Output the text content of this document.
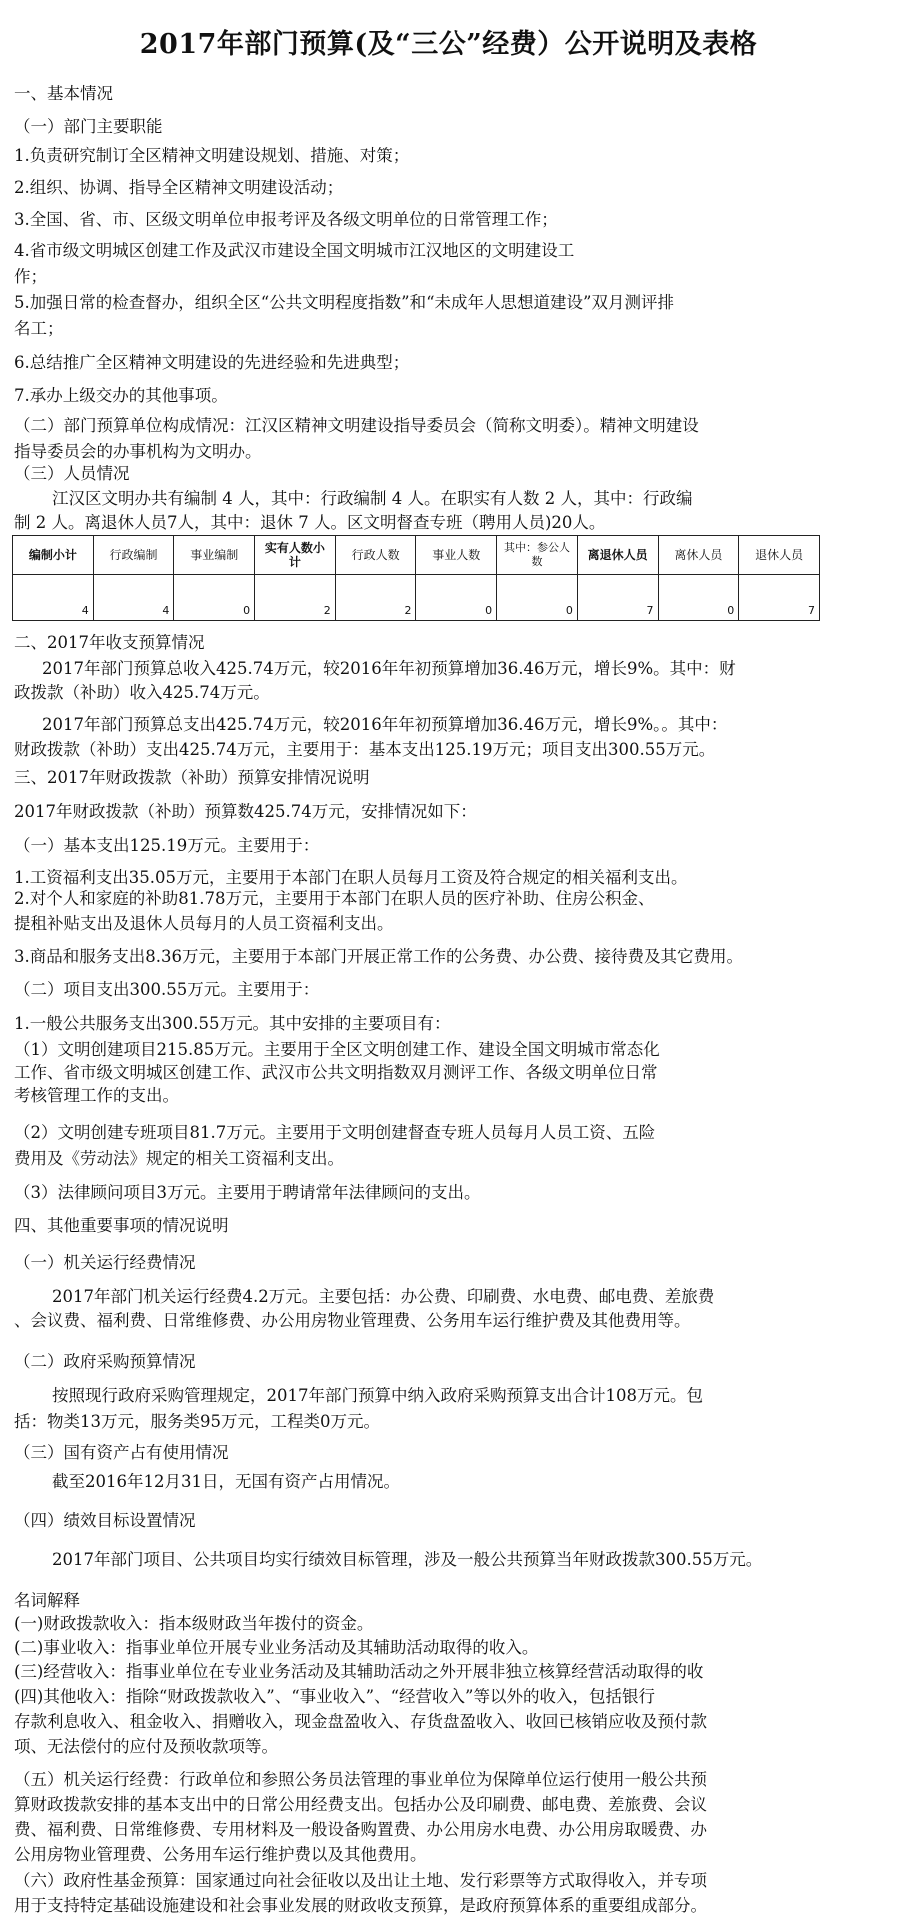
2017年部门预算(及“三公”经费）公开说明及表格
一、基本情况
（一）部门主要职能
1.负责研究制订全区精神文明建设规划、措施、对策；
2.组织、协调、指导全区精神文明建设活动；
3.全国、省、市、区级文明单位申报考评及各级文明单位的日常管理工作；
4.省市级文明城区创建工作及武汉市建设全国文明城市江汉地区的文明建设工
作；
5.加强日常的检查督办，组织全区“公共文明程度指数”和“未成年人思想道建设”双月测评排
名工；
6.总结推广全区精神文明建设的先进经验和先进典型；
7.承办上级交办的其他事项。
（二）部门预算单位构成情况：江汉区精神文明建设指导委员会（简称文明委）。精神文明建设
指导委员会的办事机构为文明办。
（三）人员情况
江汉区文明办共有编制 4 人，其中：行政编制 4 人。在职实有人数 2 人，其中：行政编
制 2 人。离退休人员7人，其中：退休 7 人。区文明督查专班（聘用人员)20人。
编制小计	行政编制	事业编制	实有人数小计	行政人数	事业人数	其中：参公人数	离退休人员	离休人员	退休人员
4	4	0	2	2	0	0	7	0	7
二、2017年收支预算情况
2017年部门预算总收入425.74万元，较2016年年初预算增加36.46万元，增长9%。其中：财
政拨款（补助）收入425.74万元。
2017年部门预算总支出425.74万元，较2016年年初预算增加36.46万元，增长9%。。其中：
财政拨款（补助）支出425.74万元，主要用于：基本支出125.19万元；项目支出300.55万元。
三、2017年财政拨款（补助）预算安排情况说明
2017年财政拨款（补助）预算数425.74万元，安排情况如下：
（一）基本支出125.19万元。主要用于：
1.工资福利支出35.05万元，主要用于本部门在职人员每月工资及符合规定的相关福利支出。
2.对个人和家庭的补助81.78万元，主要用于本部门在职人员的医疗补助、住房公积金、
提租补贴支出及退休人员每月的人员工资福利支出。
3.商品和服务支出8.36万元，主要用于本部门开展正常工作的公务费、办公费、接待费及其它费用。
（二）项目支出300.55万元。主要用于：
1.一般公共服务支出300.55万元。其中安排的主要项目有：
（1）文明创建项目215.85万元。主要用于全区文明创建工作、建设全国文明城市常态化
工作、省市级文明城区创建工作、武汉市公共文明指数双月测评工作、各级文明单位日常
考核管理工作的支出。
（2）文明创建专班项目81.7万元。主要用于文明创建督查专班人员每月人员工资、五险
费用及《劳动法》规定的相关工资福利支出。
（3）法律顾问项目3万元。主要用于聘请常年法律顾问的支出。
四、其他重要事项的情况说明
（一）机关运行经费情况
2017年部门机关运行经费4.2万元。主要包括：办公费、印刷费、水电费、邮电费、差旅费
、会议费、福利费、日常维修费、办公用房物业管理费、公务用车运行维护费及其他费用等。
（二）政府采购预算情况
按照现行政府采购管理规定，2017年部门预算中纳入政府采购预算支出合计108万元。包
括：物类13万元，服务类95万元，工程类0万元。
（三）国有资产占有使用情况
截至2016年12月31日，无国有资产占用情况。
（四）绩效目标设置情况
2017年部门项目、公共项目均实行绩效目标管理，涉及一般公共预算当年财政拨款300.55万元。
名词解释
(一)财政拨款收入：指本级财政当年拨付的资金。
(二)事业收入：指事业单位开展专业业务活动及其辅助活动取得的收入。
(三)经营收入：指事业单位在专业业务活动及其辅助活动之外开展非独立核算经营活动取得的收
(四)其他收入：指除“财政拨款收入”、“事业收入”、“经营收入”等以外的收入，包括银行
存款利息收入、租金收入、捐赠收入，现金盘盈收入、存货盘盈收入、收回已核销应收及预付款
项、无法偿付的应付及预收款项等。
（五）机关运行经费：行政单位和参照公务员法管理的事业单位为保障单位运行使用一般公共预
算财政拨款安排的基本支出中的日常公用经费支出。包括办公及印刷费、邮电费、差旅费、会议
费、福利费、日常维修费、专用材料及一般设备购置费、办公用房水电费、办公用房取暖费、办
公用房物业管理费、公务用车运行维护费以及其他费用。
（六）政府性基金预算：国家通过向社会征收以及出让土地、发行彩票等方式取得收入，并专项
用于支持特定基础设施建设和社会事业发展的财政收支预算，是政府预算体系的重要组成部分。
